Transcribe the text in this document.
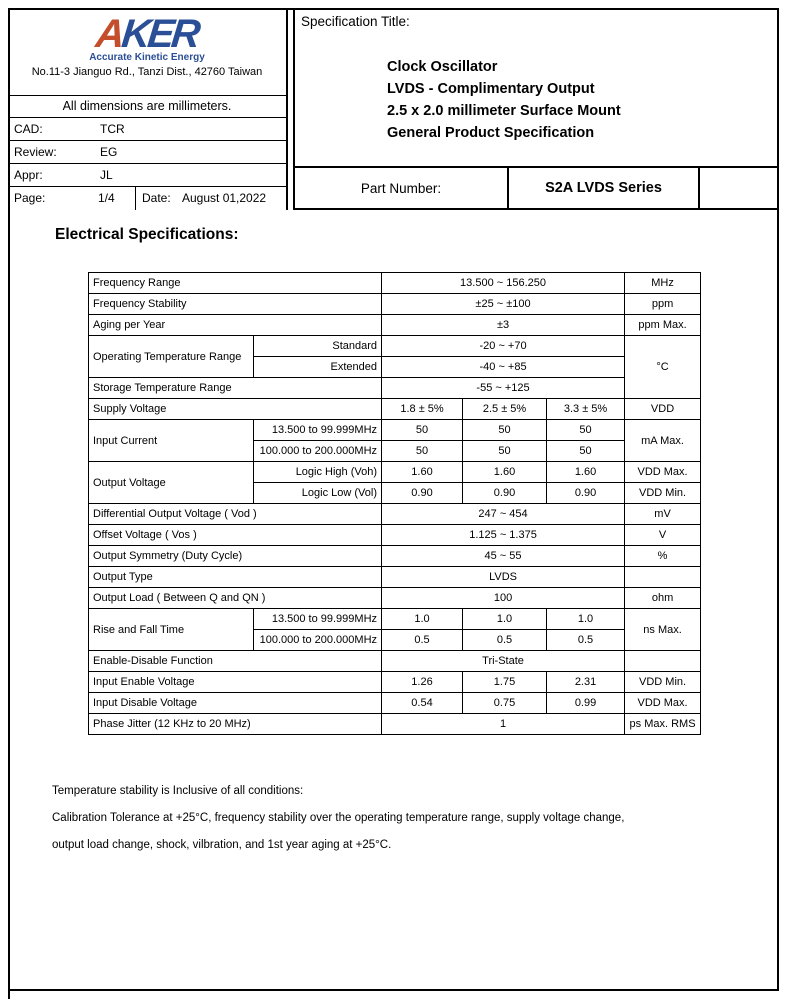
AKER
Accurate Kinetic Energy
No.11-3 Jianguo Rd., Tanzi Dist., 42760 Taiwan
All dimensions are millimeters.
CAD:	TCR
Review:	EG
Appr:	JL
Page:	1/4 Date: August 01,2022
Specification Title:
Clock Oscillator
LVDS - Complimentary Output
2.5 x 2.0 millimeter Surface Mount
General Product Specification
Part Number:	S2A LVDS Series
Electrical Specifications:
Frequency Range		13.500 ~ 156.250			MHz
Frequency Stability		±25 ~ ±100			ppm
Aging per Year		±3			ppm Max.
Operating Temperature Range	Standard	-20 ~ +70			°C
	Extended	-40 ~ +85			
Storage Temperature Range		-55 ~ +125			
Supply Voltage		1.8 ± 5%	2.5 ± 5%	3.3 ± 5%	VDD
Input Current	13.500 to 99.999MHz	50	50	50	mA Max.
	100.000 to 200.000MHz	50	50	50	
Output Voltage	Logic High (Voh)	1.60	1.60	1.60	VDD Max.
	Logic Low (Vol)	0.90	0.90	0.90	VDD Min.
Differential Output Voltage ( Vod )		247 ~ 454			mV
Offset Voltage ( Vos )		1.125 ~ 1.375			V
Output Symmetry (Duty Cycle)		45 ~ 55			%
Output Type		LVDS			
Output Load ( Between Q and QN )		100			ohm
Rise and Fall Time	13.500 to 99.999MHz	1.0	1.0	1.0	ns Max.
	100.000 to 200.000MHz	0.5	0.5	0.5	
Enable-Disable Function		Tri-State			
Input Enable Voltage		1.26	1.75	2.31	VDD Min.
Input Disable Voltage		0.54	0.75	0.99	VDD Max.
Phase Jitter (12 KHz to 20 MHz)		1			ps Max. RMS
Temperature stability is Inclusive of all conditions:
Calibration Tolerance at +25°C, frequency stability over the operating temperature range, supply voltage change,
output load change, shock, vilbration, and 1st year aging at +25°C.
